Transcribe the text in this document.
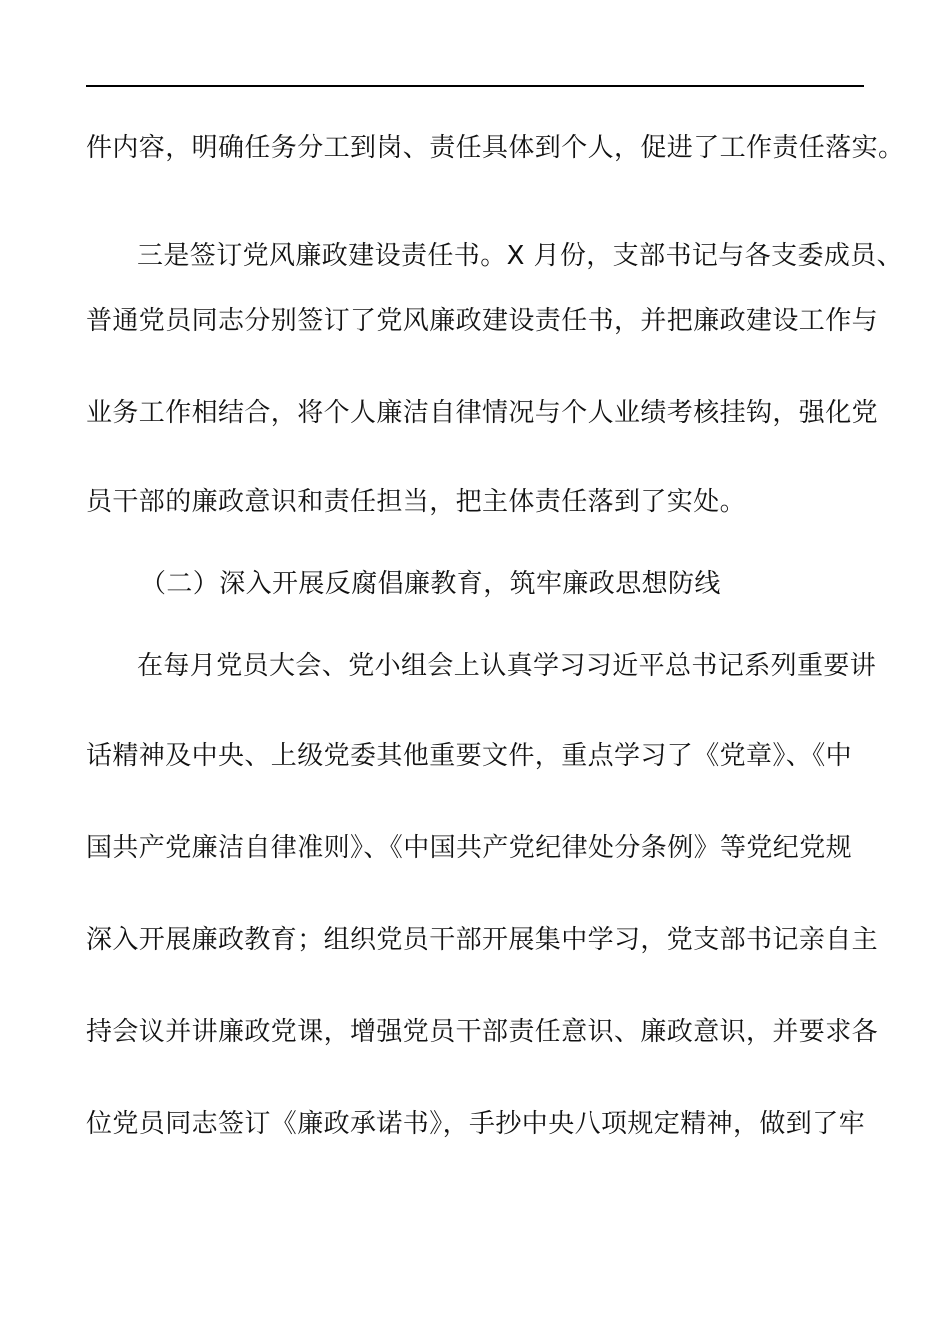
件内容，明确任务分工到岗、责任具体到个人，促进了工作责任落实。
三是签订党风廉政建设责任书。X 月份，支部书记与各支委成员、
普通党员同志分别签订了党风廉政建设责任书，并把廉政建设工作与
业务工作相结合，将个人廉洁自律情况与个人业绩考核挂钩，强化党
员干部的廉政意识和责任担当，把主体责任落到了实处。
（二）深入开展反腐倡廉教育，筑牢廉政思想防线
在每月党员大会、党小组会上认真学习习近平总书记系列重要讲
话精神及中央、上级党委其他重要文件，重点学习了《党章》、《中
国共产党廉洁自律准则》、《中国共产党纪律处分条例》等党纪党规
深入开展廉政教育；组织党员干部开展集中学习，党支部书记亲自主
持会议并讲廉政党课，增强党员干部责任意识、廉政意识，并要求各
位党员同志签订《廉政承诺书》，手抄中央八项规定精神，做到了牢
